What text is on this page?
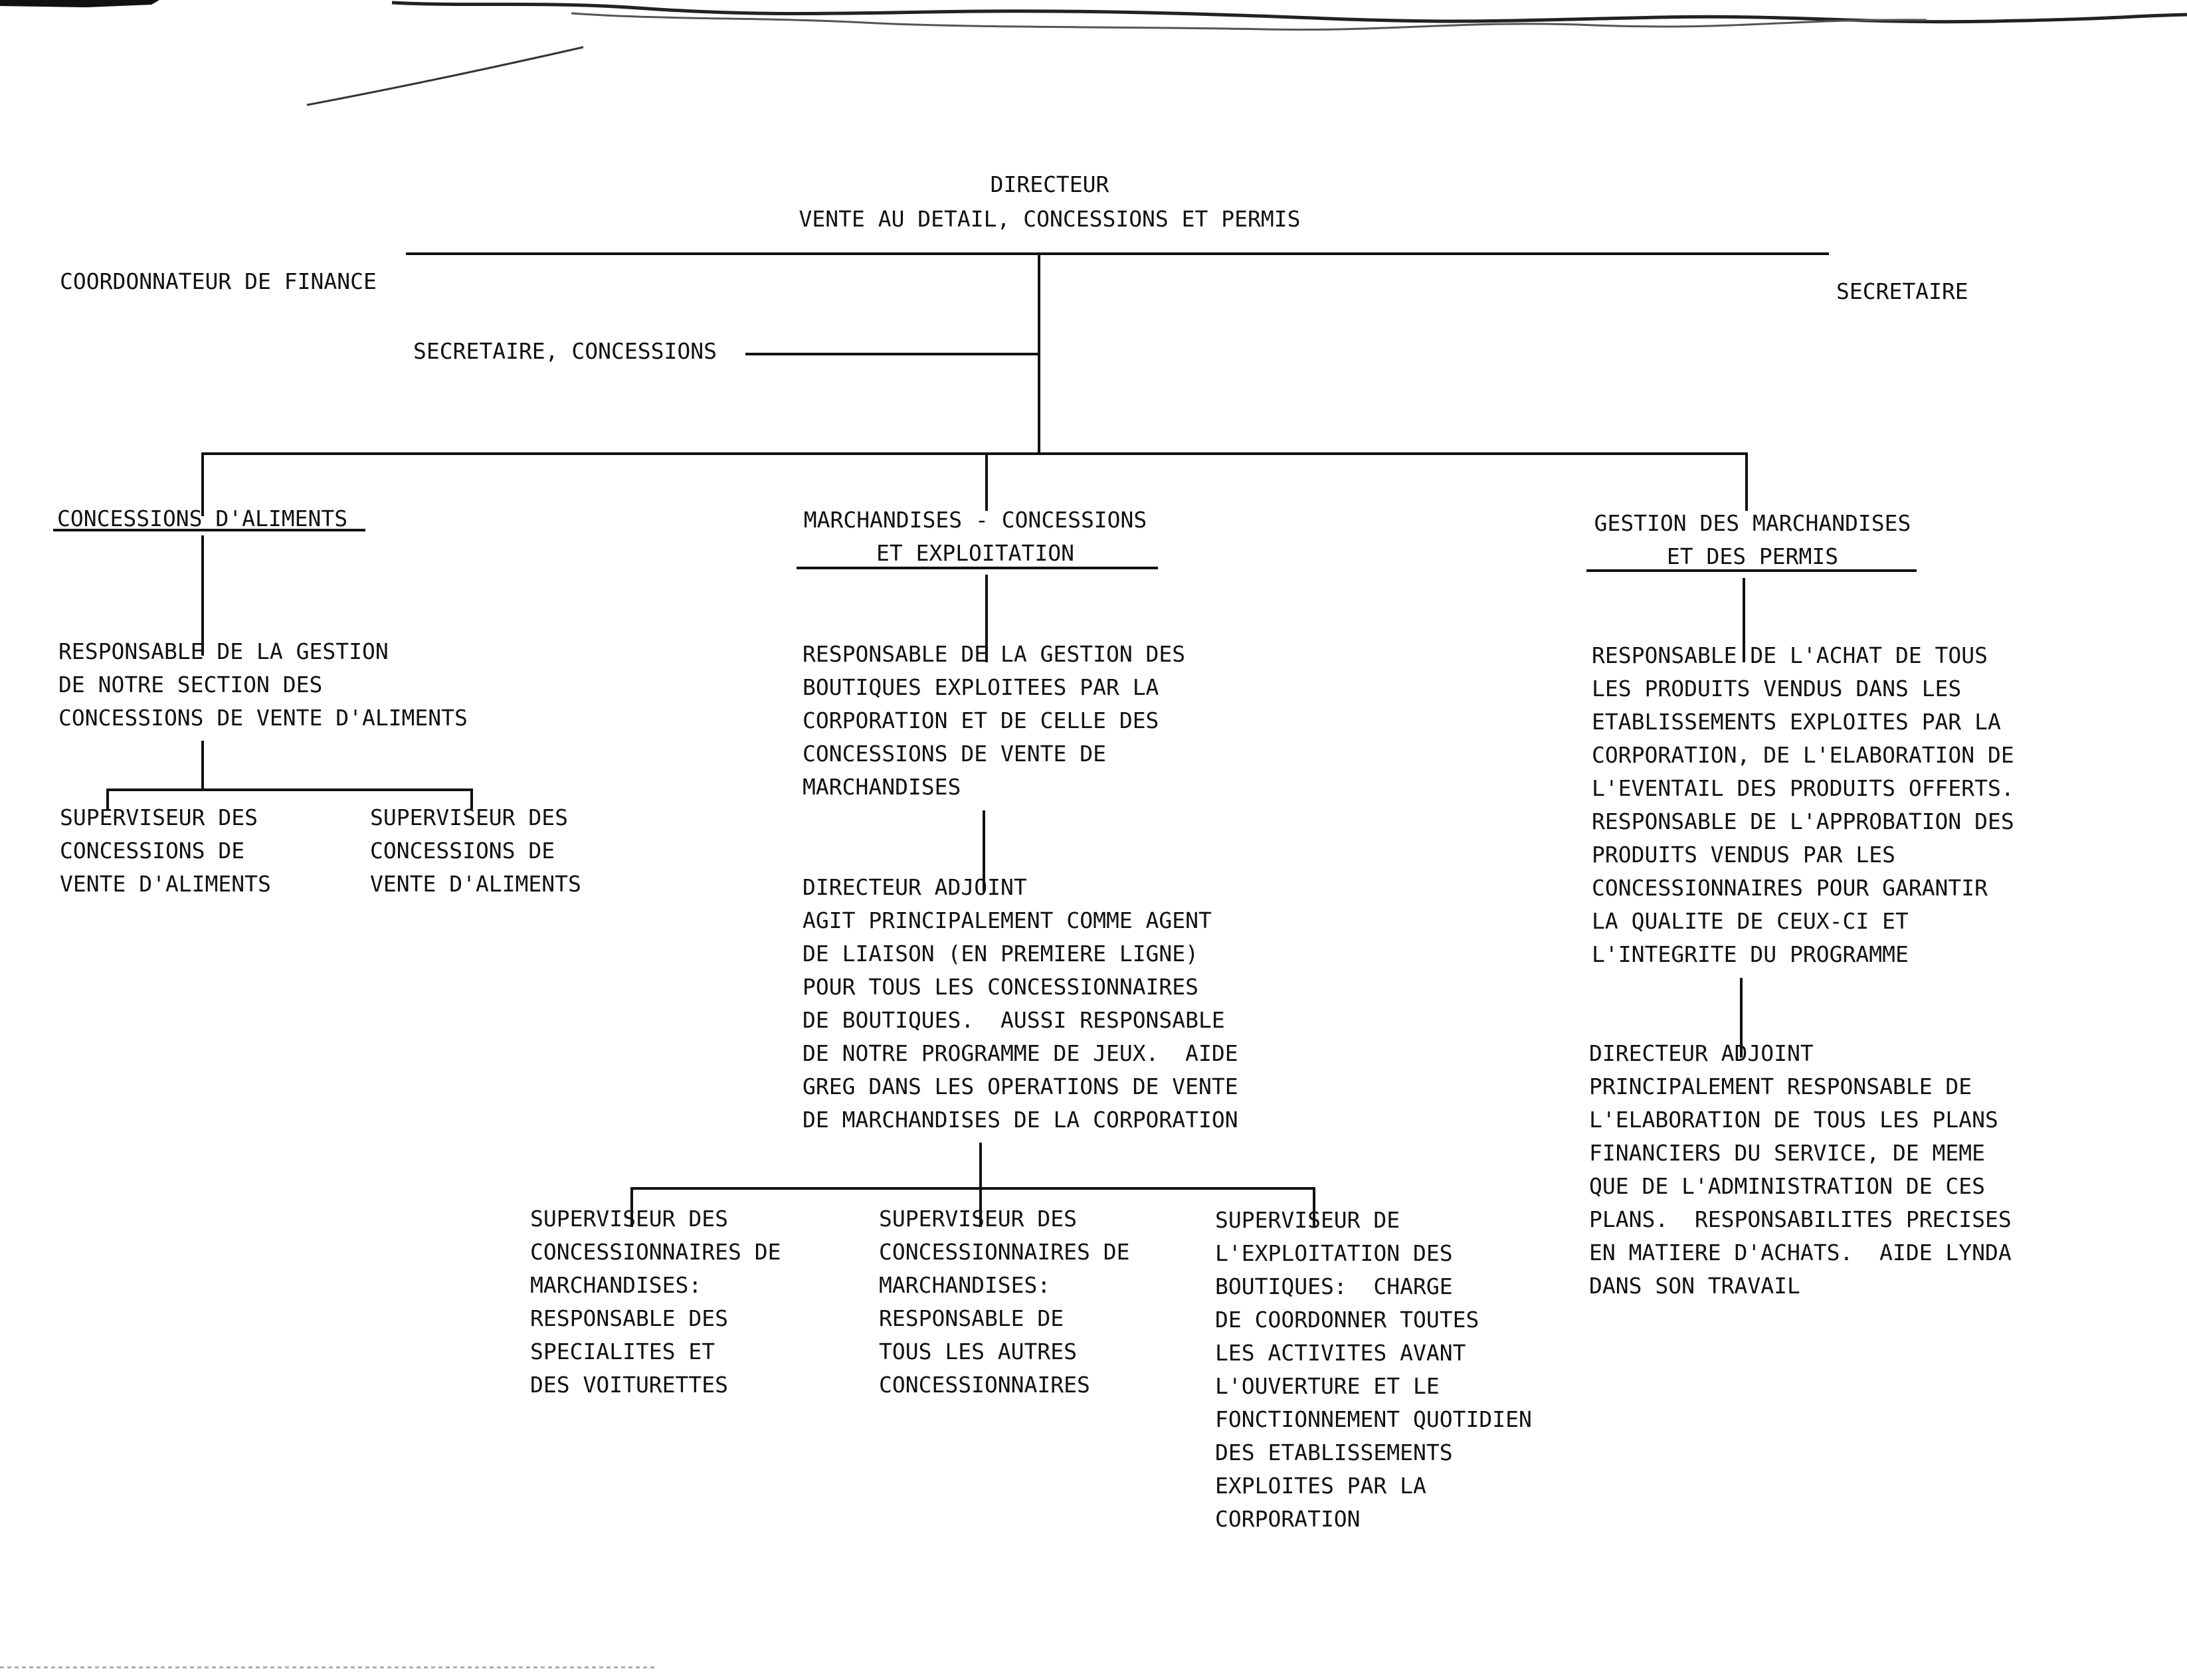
DIRECTEUR
VENTE AU DETAIL, CONCESSIONS ET PERMIS
COORDONNATEUR DE FINANCE	SECRETAIRE
SECRETAIRE, CONCESSIONS
CONCESSIONS D'ALIMENTS
RESPONSABLE DE LA GESTION
DE NOTRE SECTION DES
CONCESSIONS DE VENTE D'ALIMENTS
SUPERVISEUR DES
CONCESSIONS DE
VENTE D'ALIMENTS
SUPERVISEUR DES
CONCESSIONS DE
VENTE D'ALIMENTS
MARCHANDISES - CONCESSIONS
ET EXPLOITATION
RESPONSABLE DE LA GESTION DES
BOUTIQUES EXPLOITEES PAR LA
CORPORATION ET DE CELLE DES
CONCESSIONS DE VENTE DE
MARCHANDISES
DIRECTEUR ADJOINT
AGIT PRINCIPALEMENT COMME AGENT
DE LIAISON (EN PREMIERE LIGNE)
POUR TOUS LES CONCESSIONNAIRES
DE BOUTIQUES.  AUSSI RESPONSABLE
DE NOTRE PROGRAMME DE JEUX.  AIDE
GREG DANS LES OPERATIONS DE VENTE
DE MARCHANDISES DE LA CORPORATION
SUPERVISEUR DES
CONCESSIONNAIRES DE
MARCHANDISES:
RESPONSABLE DES
SPECIALITES ET
DES VOITURETTES
SUPERVISEUR DES
CONCESSIONNAIRES DE
MARCHANDISES:
RESPONSABLE DE
TOUS LES AUTRES
CONCESSIONNAIRES
SUPERVISEUR DE
L'EXPLOITATION DES
BOUTIQUES:  CHARGE
DE COORDONNER TOUTES
LES ACTIVITES AVANT
L'OUVERTURE ET LE
FONCTIONNEMENT QUOTIDIEN
DES ETABLISSEMENTS
EXPLOITES PAR LA
CORPORATION
GESTION DES MARCHANDISES
ET DES PERMIS
RESPONSABLE DE L'ACHAT DE TOUS
LES PRODUITS VENDUS DANS LES
ETABLISSEMENTS EXPLOITES PAR LA
CORPORATION, DE L'ELABORATION DE
L'EVENTAIL DES PRODUITS OFFERTS.
RESPONSABLE DE L'APPROBATION DES
PRODUITS VENDUS PAR LES
CONCESSIONNAIRES POUR GARANTIR
LA QUALITE DE CEUX-CI ET
L'INTEGRITE DU PROGRAMME
DIRECTEUR ADJOINT
PRINCIPALEMENT RESPONSABLE DE
L'ELABORATION DE TOUS LES PLANS
FINANCIERS DU SERVICE, DE MEME
QUE DE L'ADMINISTRATION DE CES
PLANS.  RESPONSABILITES PRECISES
EN MATIERE D'ACHATS.  AIDE LYNDA
DANS SON TRAVAIL
